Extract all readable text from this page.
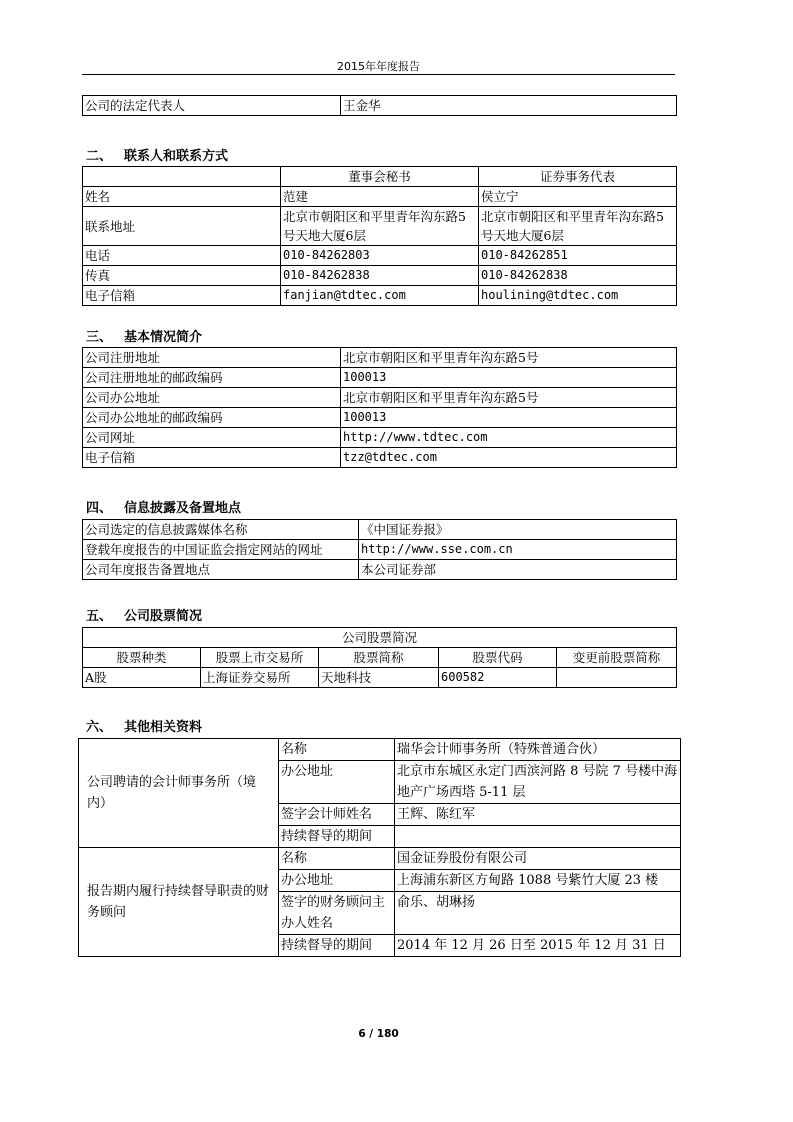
2015年年度报告
公司的法定代表人	王金华
二、 联系人和联系方式
	董事会秘书	证券事务代表
姓名	范建	侯立宁
联系地址	北京市朝阳区和平里青年沟东路5号天地大厦6层	北京市朝阳区和平里青年沟东路5号天地大厦6层
电话	010-84262803	010-84262851
传真	010-84262838	010-84262838
电子信箱	fanjian@tdtec.com	houlining@tdtec.com
三、 基本情况简介
公司注册地址	北京市朝阳区和平里青年沟东路5号
公司注册地址的邮政编码	100013
公司办公地址	北京市朝阳区和平里青年沟东路5号
公司办公地址的邮政编码	100013
公司网址	http://www.tdtec.com
电子信箱	tzz@tdtec.com
四、 信息披露及备置地点
公司选定的信息披露媒体名称	《中国证券报》
登载年度报告的中国证监会指定网站的网址	http://www.sse.com.cn
公司年度报告备置地点	本公司证券部
五、 公司股票简况
公司股票简况				
股票种类	股票上市交易所	股票简称	股票代码	变更前股票简称
A股	上海证券交易所	天地科技	600582	
六、 其他相关资料
公司聘请的会计师事务所（境内）	名称	瑞华会计师事务所（特殊普通合伙）
	办公地址	北京市东城区永定门西滨河路 8 号院 7 号楼中海地产广场西塔 5-11 层
	签字会计师姓名	王辉、陈红军
	持续督导的期间	
报告期内履行持续督导职责的财务顾问	名称	国金证券股份有限公司
	办公地址	上海浦东新区方甸路 1088 号紫竹大厦 23 楼
	签字的财务顾问主办人姓名	俞乐、胡琳扬
	持续督导的期间	2014 年 12 月 26 日至 2015 年 12 月 31 日
6 / 180
